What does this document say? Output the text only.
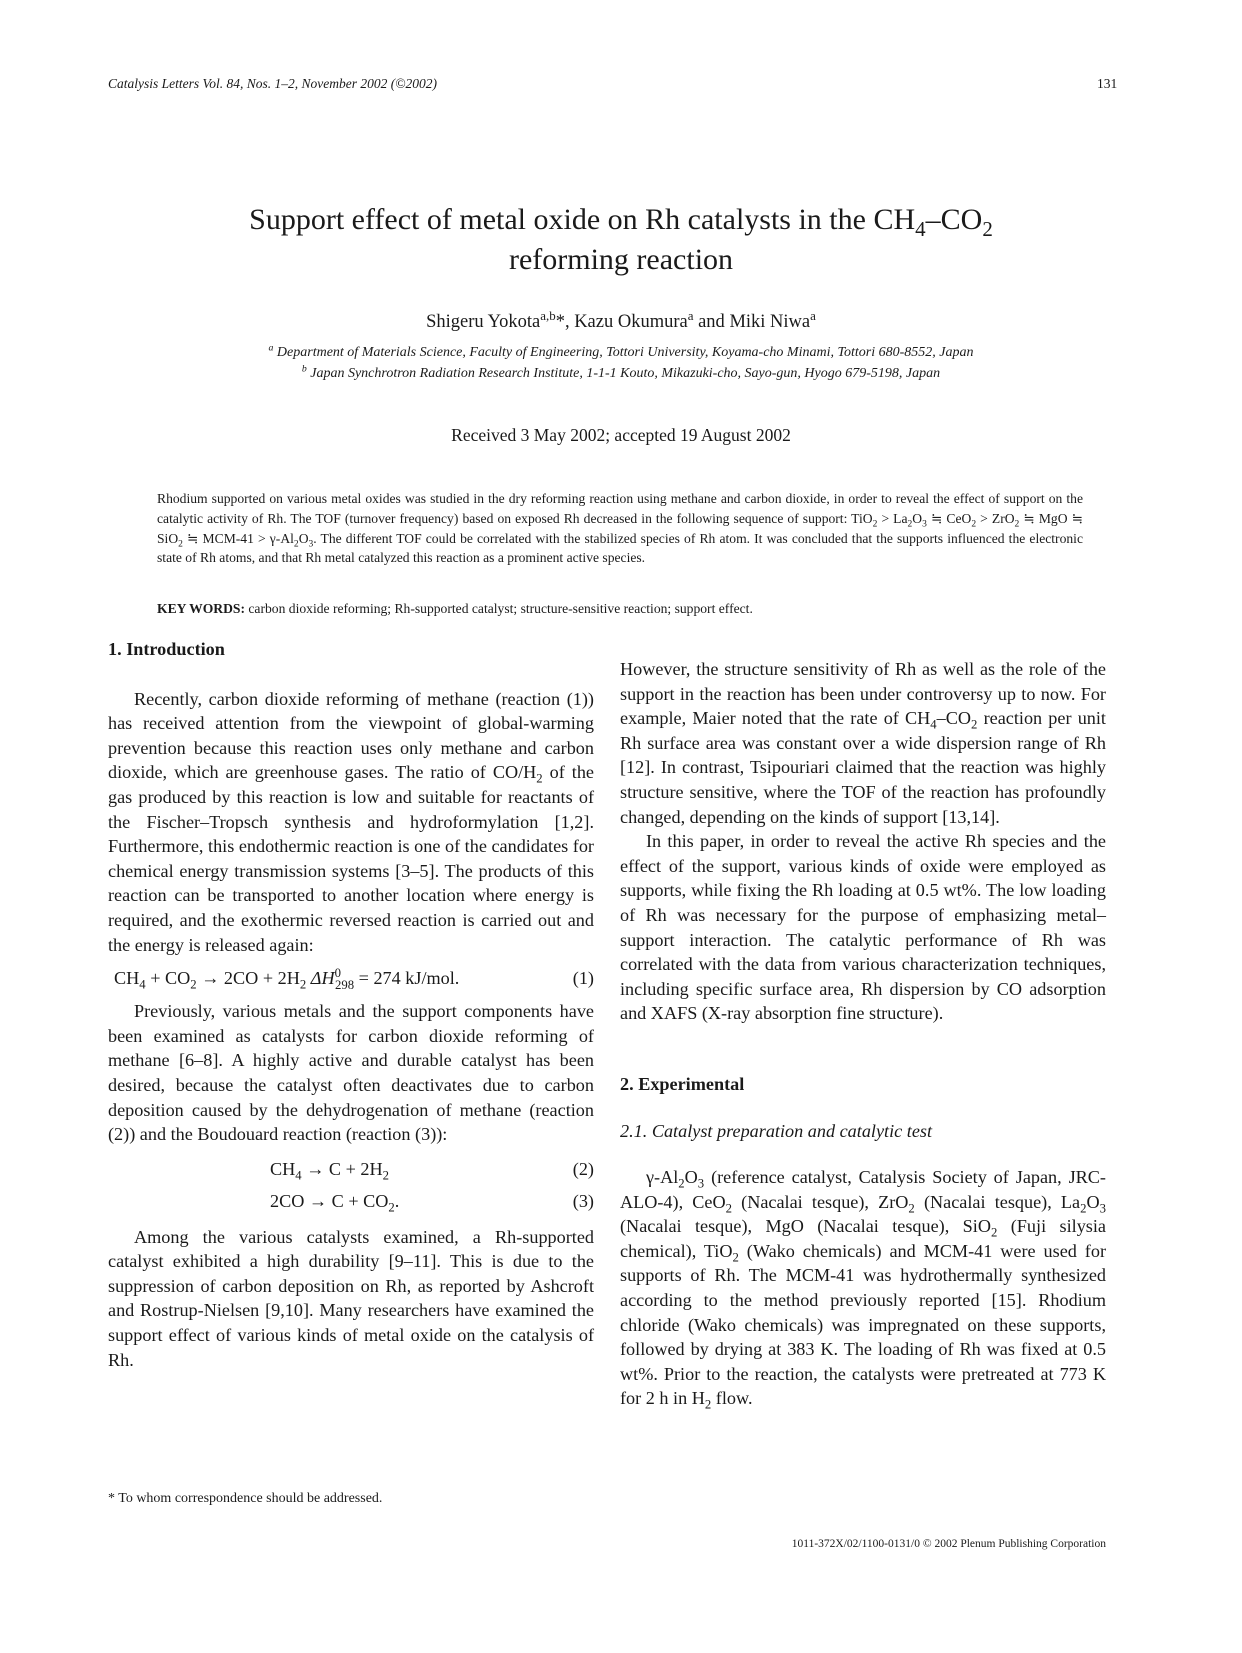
Catalysis Letters Vol. 84, Nos. 1–2, November 2002 (©2002)	131
Support effect of metal oxide on Rh catalysts in the $CH_4-CO_2$
reforming reaction
Shigeru Yokota$^{a,b}$*, Kazu Okumura$^a$ and Miki Niwa$^a$
$^a$ Department of Materials Science, Faculty of Engineering, Tottori University, Koyama-cho Minami, Tottori 680-8552, Japan
$^b$ Japan Synchrotron Radiation Research Institute, 1-1-1 Kouto, Mikazuki-cho, Sayo-gun, Hyogo 679-5198, Japan
Received 3 May 2002; accepted 19 August 2002
Rhodium supported on various metal oxides was studied in the dry reforming reaction using methane and carbon dioxide, in order to reveal the effect of support on the catalytic activity of Rh. The TOF (turnover frequency) based on exposed Rh decreased in the following sequence of support: $TiO_2 > La_2O_3$ ≒ CeO$_2$ > ZrO$_2$ ≒ MgO ≒ SiO$_2$ ≒ $MCM-41 > \gamma-Al_2O_3$. The different TOF could be correlated with the stabilized species of Rh atom. It was concluded that the supports influenced the electronic state of Rh atoms, and that Rh metal catalyzed this reaction as a prominent active species.
KEY WORDS: carbon dioxide reforming; Rh-supported catalyst; structure-sensitive reaction; support effect.
1. Introduction

Recently, carbon dioxide reforming of methane (reaction (1)) has received attention from the viewpoint of global-warming prevention because this reaction uses only methane and carbon dioxide, which are greenhouse gases. The ratio of $CO/H_2$ of the gas produced by this reaction is low and suitable for reactants of the Fischer–Tropsch synthesis and hydroformylation [1,2]. Furthermore, this endothermic reaction is one of the candidates for chemical energy transmission systems [3–5]. The products of this reaction can be transported to another location where energy is required, and the exothermic reversed reaction is carried out and the energy is released again:

$CH_4 + CO_2 \to 2CO + 2H_2$ $\Delta H^0_{298} = 274$ kJ/mol.	(1)

Previously, various metals and the support components have been examined as catalysts for carbon dioxide reforming of methane [6–8]. A highly active and durable catalyst has been desired, because the catalyst often deactivates due to carbon deposition caused by the dehydrogenation of methane (reaction (2)) and the Boudouard reaction (reaction (3)):

$CH_4 \to C + 2H_2$	(2)
$2CO \to C + CO_2$.	(3)

Among the various catalysts examined, a Rh-supported catalyst exhibited a high durability [9–11]. This is due to the suppression of carbon deposition on Rh, as reported by Ashcroft and Rostrup-Nielsen [9,10]. Many researchers have examined the support effect of various kinds of metal oxide on the catalysis of Rh.

* To whom correspondence should be addressed.

However, the structure sensitivity of Rh as well as the role of the support in the reaction has been under controversy up to now. For example, Maier noted that the rate of $CH_4-CO_2$ reaction per unit Rh surface area was constant over a wide dispersion range of Rh [12]. In contrast, Tsipouriari claimed that the reaction was highly structure sensitive, where the TOF of the reaction has profoundly changed, depending on the kinds of support [13,14].

In this paper, in order to reveal the active Rh species and the effect of the support, various kinds of oxide were employed as supports, while fixing the Rh loading at 0.5 wt%. The low loading of Rh was necessary for the purpose of emphasizing metal–support interaction. The catalytic performance of Rh was correlated with the data from various characterization techniques, including specific surface area, Rh dispersion by CO adsorption and XAFS (X-ray absorption fine structure).

2. Experimental
2.1. Catalyst preparation and catalytic test

$\gamma-Al_2O_3$ (reference catalyst, Catalysis Society of Japan, JRC-ALO-4), CeO$_2$ (Nacalai tesque), ZrO$_2$ (Nacalai tesque), $La_2O_3$ (Nacalai tesque), MgO (Nacalai tesque), SiO$_2$ (Fuji silysia chemical), TiO$_2$ (Wako chemicals) and MCM-41 were used for supports of Rh. The MCM-41 was hydrothermally synthesized according to the method previously reported [15]. Rhodium chloride (Wako chemicals) was impregnated on these supports, followed by drying at 383 K. The loading of Rh was fixed at 0.5 wt%. Prior to the reaction, the catalysts were pretreated at 773 K for 2 h in $H_2$ flow.

1011-372X/02/1100-0131/0 © 2002 Plenum Publishing Corporation
